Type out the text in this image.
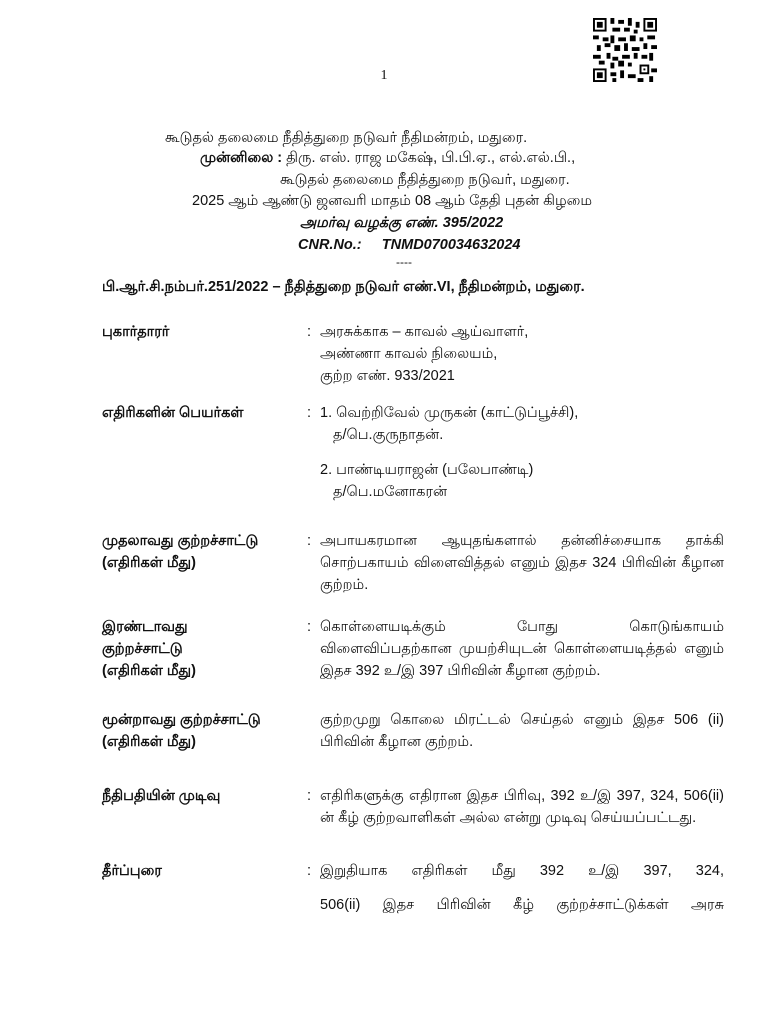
1
கூடுதல் தலைமை நீதித்துறை நடுவர் நீதிமன்றம், மதுரை.
முன்னிலை : திரு. எஸ். ராஜ மகேஷ், பி.பி.ஏ., எல்.எல்.பி.,
கூடுதல் தலைமை நீதித்துறை நடுவர், மதுரை.
2025 ஆம் ஆண்டு ஜனவரி மாதம் 08 ஆம் தேதி புதன் கிழமை
அமர்வு வழக்கு எண். 395/2022
CNR.No.: TNMD070034632024
----
பி.ஆர்.சி.நம்பர்.251/2022 – நீதித்துறை நடுவர் எண்.VI, நீதிமன்றம், மதுரை.
புகார்தாரர்	: அரசுக்காக – காவல் ஆய்வாளர்,
அண்ணா காவல் நிலையம்,
குற்ற எண். 933/2021
எதிரிகளின் பெயர்கள்	: 1. வெற்றிவேல் முருகன் (காட்டுப்பூச்சி),
த/பெ.குருநாதன்.
2. பாண்டியராஜன் (பலேபாண்டி)
த/பெ.மனோகரன்
முதலாவது குற்றச்சாட்டு
(எதிரிகள் மீது)
: அபாயகரமான ஆயுதங்களால் தன்னிச்சையாக தாக்கி சொற்பகாயம் விளைவித்தல் எனும் இதச 324 பிரிவின் கீழான குற்றம்.
இரண்டாவது
குற்றச்சாட்டு
(எதிரிகள் மீது)
: கொள்ளையடிக்கும் போது கொடுங்காயம் விளைவிப்பதற்கான முயற்சியுடன் கொள்ளையடித்தல் எனும் இதச 392 உ/இ 397 பிரிவின் கீழான குற்றம்.
மூன்றாவது குற்றச்சாட்டு
(எதிரிகள் மீது)
குற்றமுறு கொலை மிரட்டல் செய்தல் எனும் இதச 506 (ii) பிரிவின் கீழான குற்றம்.
நீதிபதியின் முடிவு	: எதிரிகளுக்கு எதிரான இதச பிரிவு, 392 உ/இ 397, 324, 506(ii) ன் கீழ் குற்றவாளிகள் அல்ல என்று முடிவு செய்யப்பட்டது.
தீர்ப்புரை	: இறுதியாக எதிரிகள் மீது 392 உ/இ 397, 324,
506(ii) இதச பிரிவின் கீழ் குற்றச்சாட்டுக்கள் அரசு
